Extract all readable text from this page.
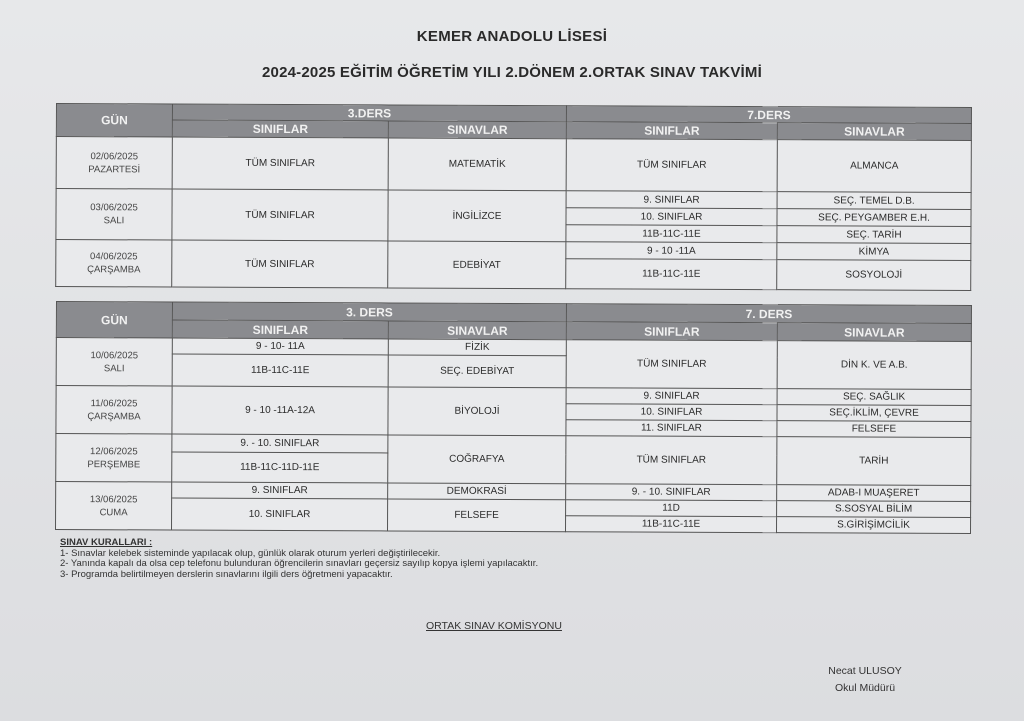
KEMER ANADOLU LİSESİ
2024-2025 EĞİTİM ÖĞRETİM YILI 2.DÖNEM 2.ORTAK SINAV TAKVİMİ
GÜN	3.DERS		7.DERS	
	SINIFLAR	SINAVLAR	SINIFLAR	SINAVLAR
02/06/2025
PAZARTESİ	TÜM SINIFLAR	MATEMATİK	TÜM SINIFLAR	ALMANCA
03/06/2025
SALI	TÜM SINIFLAR	İNGİLİZCE	9. SINIFLAR	SEÇ. TEMEL D.B.
			10. SINIFLAR	SEÇ. PEYGAMBER E.H.
			11B-11C-11E	SEÇ. TARİH
04/06/2025
ÇARŞAMBA	TÜM SINIFLAR	EDEBİYAT	9 - 10 -11A	KİMYA
			11B-11C-11E	SOSYOLOJİ
GÜN	3. DERS		7. DERS	
	SINIFLAR	SINAVLAR	SINIFLAR	SINAVLAR
10/06/2025
SALI	9 - 10- 11A	FİZİK	TÜM SINIFLAR	DİN K. VE A.B.
	11B-11C-11E	SEÇ. EDEBİYAT		
11/06/2025
ÇARŞAMBA	9 - 10 -11A-12A	BİYOLOJİ	9. SINIFLAR	SEÇ. SAĞLIK
			10. SINIFLAR	SEÇ.İKLİM, ÇEVRE
			11. SINIFLAR	FELSEFE
12/06/2025
PERŞEMBE	9. - 10. SINIFLAR	COĞRAFYA	TÜM SINIFLAR	TARİH
	11B-11C-11D-11E			
13/06/2025
CUMA	9. SINIFLAR	DEMOKRASİ	9. - 10. SINIFLAR	ADAB-I MUAŞERET
	10. SINIFLAR	FELSEFE	11D	S.SOSYAL BİLİM
			11B-11C-11E	S.GİRİŞİMCİLİK
SINAV KURALLARI :
1- Sınavlar kelebek sisteminde yapılacak olup, günlük olarak oturum yerleri değiştirilecekir.
2- Yanında kapalı da olsa cep telefonu bulunduran öğrencilerin sınavları geçersiz sayılıp kopya işlemi yapılacaktır.
3- Programda belirtilmeyen derslerin sınavlarını ilgili ders öğretmeni yapacaktır.
ORTAK SINAV KOMİSYONU
Necat ULUSOY
Okul Müdürü
